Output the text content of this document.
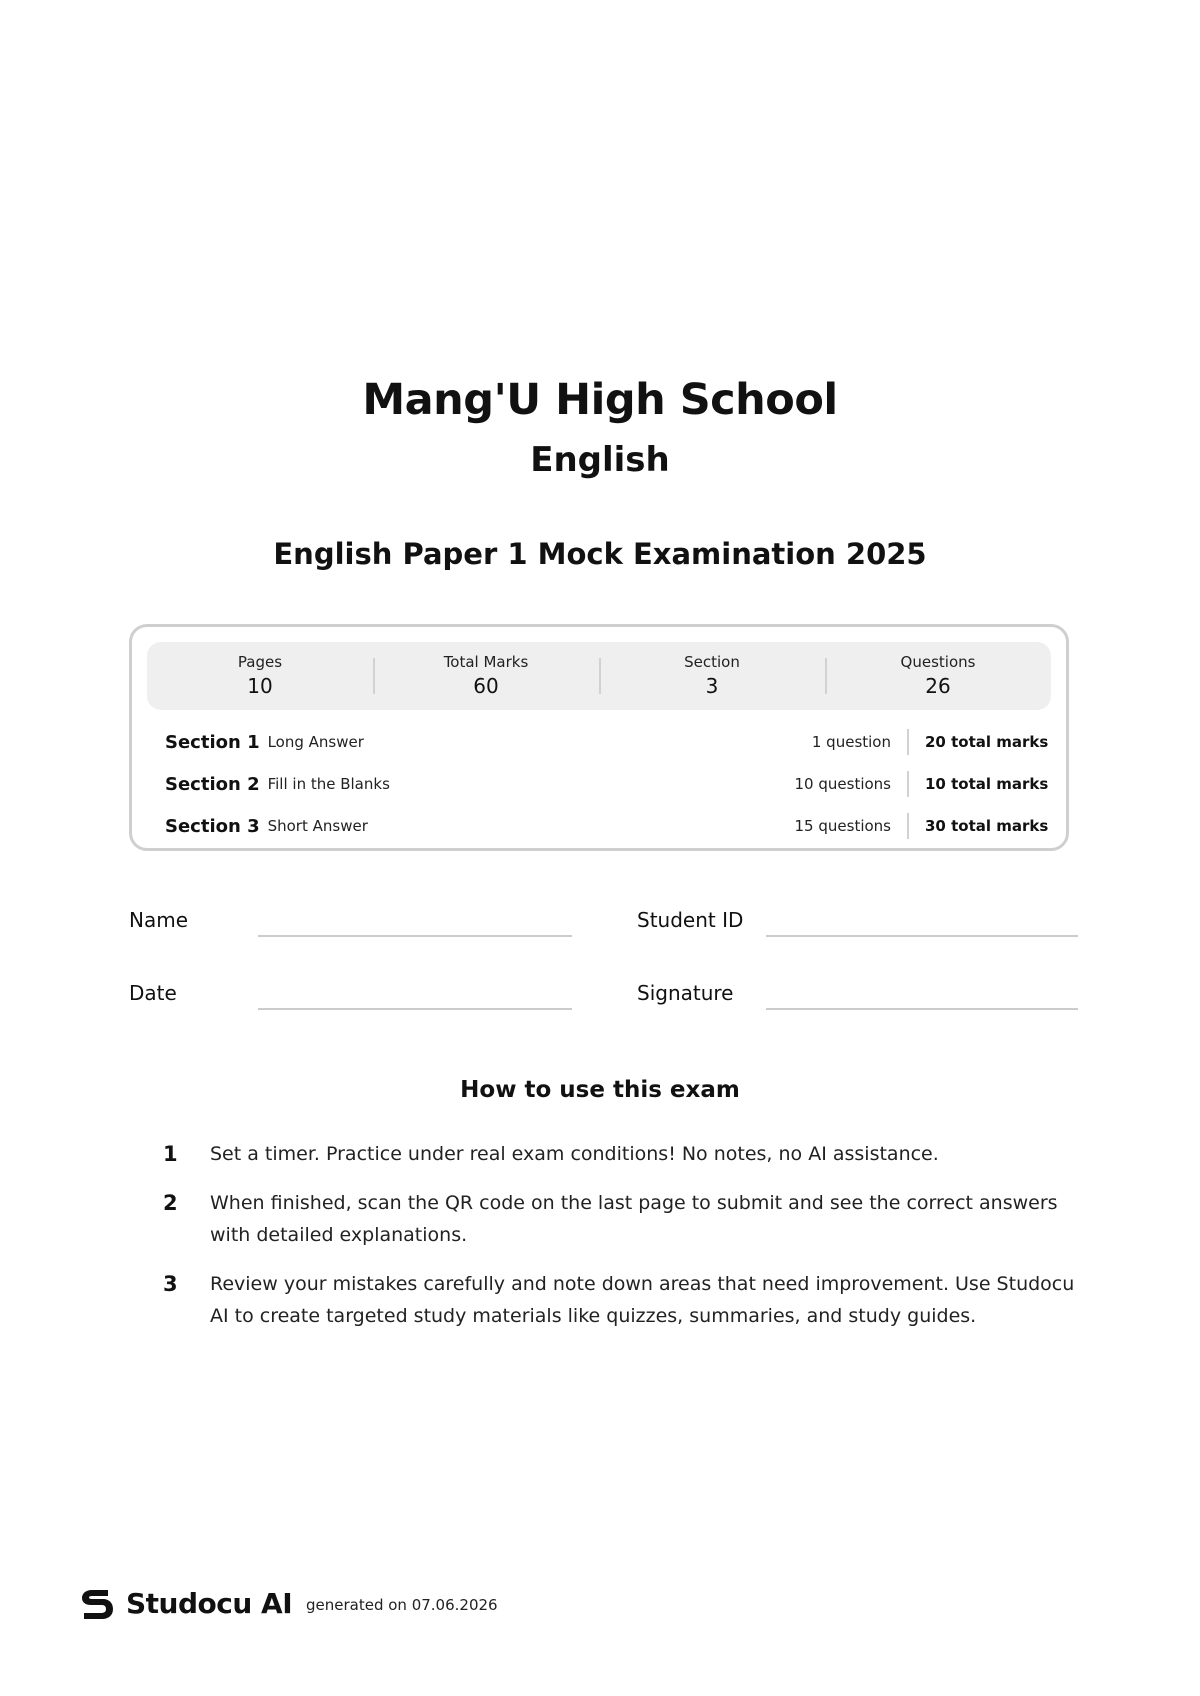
Mang'U High School
English
English Paper 1 Mock Examination 2025
Pages
10
Total Marks
60
Section
3
Questions
26
Section 1 Long Answer	1 question	20 total marks
Section 2 Fill in the Blanks	10 questions	10 total marks
Section 3 Short Answer	15 questions	30 total marks
Name	Student ID
Date	Signature
How to use this exam
1 Set a timer. Practice under real exam conditions! No notes, no AI assistance.
2 When finished, scan the QR code on the last page to submit and see the correct answers with detailed explanations.
3 Review your mistakes carefully and note down areas that need improvement. Use Studocu AI to create targeted study materials like quizzes, summaries, and study guides.
Studocu AI generated on 07.06.2026
